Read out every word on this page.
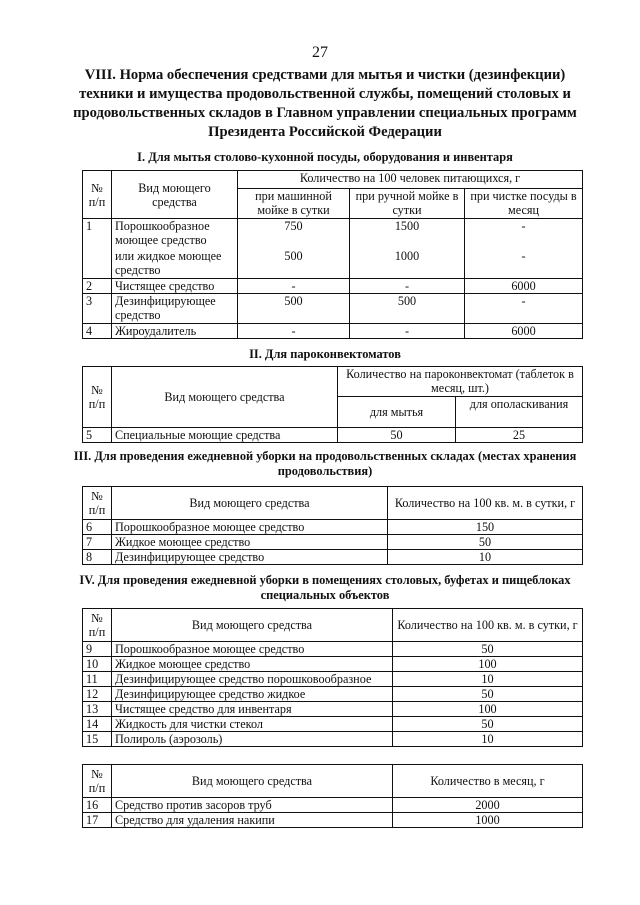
27
VIII. Норма обеспечения средствами для мытья и чистки (дезинфекции) техники и имущества продовольственной службы, помещений столовых и продовольственных складов в Главном управлении специальных программ Президента Российской Федерации
I. Для мытья столово-кухонной посуды, оборудования и инвентаря
№ п/п	Вид моющего средства	Количество на 100 человек питающихся, г		
		при машинной мойке в сутки	при ручной мойке в сутки	при чистке посуды в месяц
1	Порошкообразное моющее средство	750	1500	-
	или жидкое моющее средство	500	1000	-
2	Чистящее средство	-	-	6000
3	Дезинфицирующее средство	500	500	-
4	Жироудалитель	-	-	6000
II. Для пароконвектоматов
№ п/п	Вид моющего средства	Количество на пароконвектомат (таблеток в месяц, шт.)	
		для мытья	для ополаскивания
5	Специальные моющие средства	50	25
III. Для проведения ежедневной уборки на продовольственных складах (местах хранения продовольствия)
№ п/п	Вид моющего средства	Количество на 100 кв. м. в сутки, г
6	Порошкообразное моющее средство	150
7	Жидкое моющее средство	50
8	Дезинфицирующее средство	10
IV. Для проведения ежедневной уборки в помещениях столовых, буфетах и пищеблоках специальных объектов
№ п/п	Вид моющего средства	Количество на 100 кв. м. в сутки, г
9	Порошкообразное моющее средство	50
10	Жидкое моющее средство	100
11	Дезинфицирующее средство порошковообразное	10
12	Дезинфицирующее средство жидкое	50
13	Чистящее средство для инвентаря	100
14	Жидкость для чистки стекол	50
15	Полироль (аэрозоль)	10
№ п/п	Вид моющего средства	Количество в месяц, г
16	Средство против засоров труб	2000
17	Средство для удаления накипи	1000
